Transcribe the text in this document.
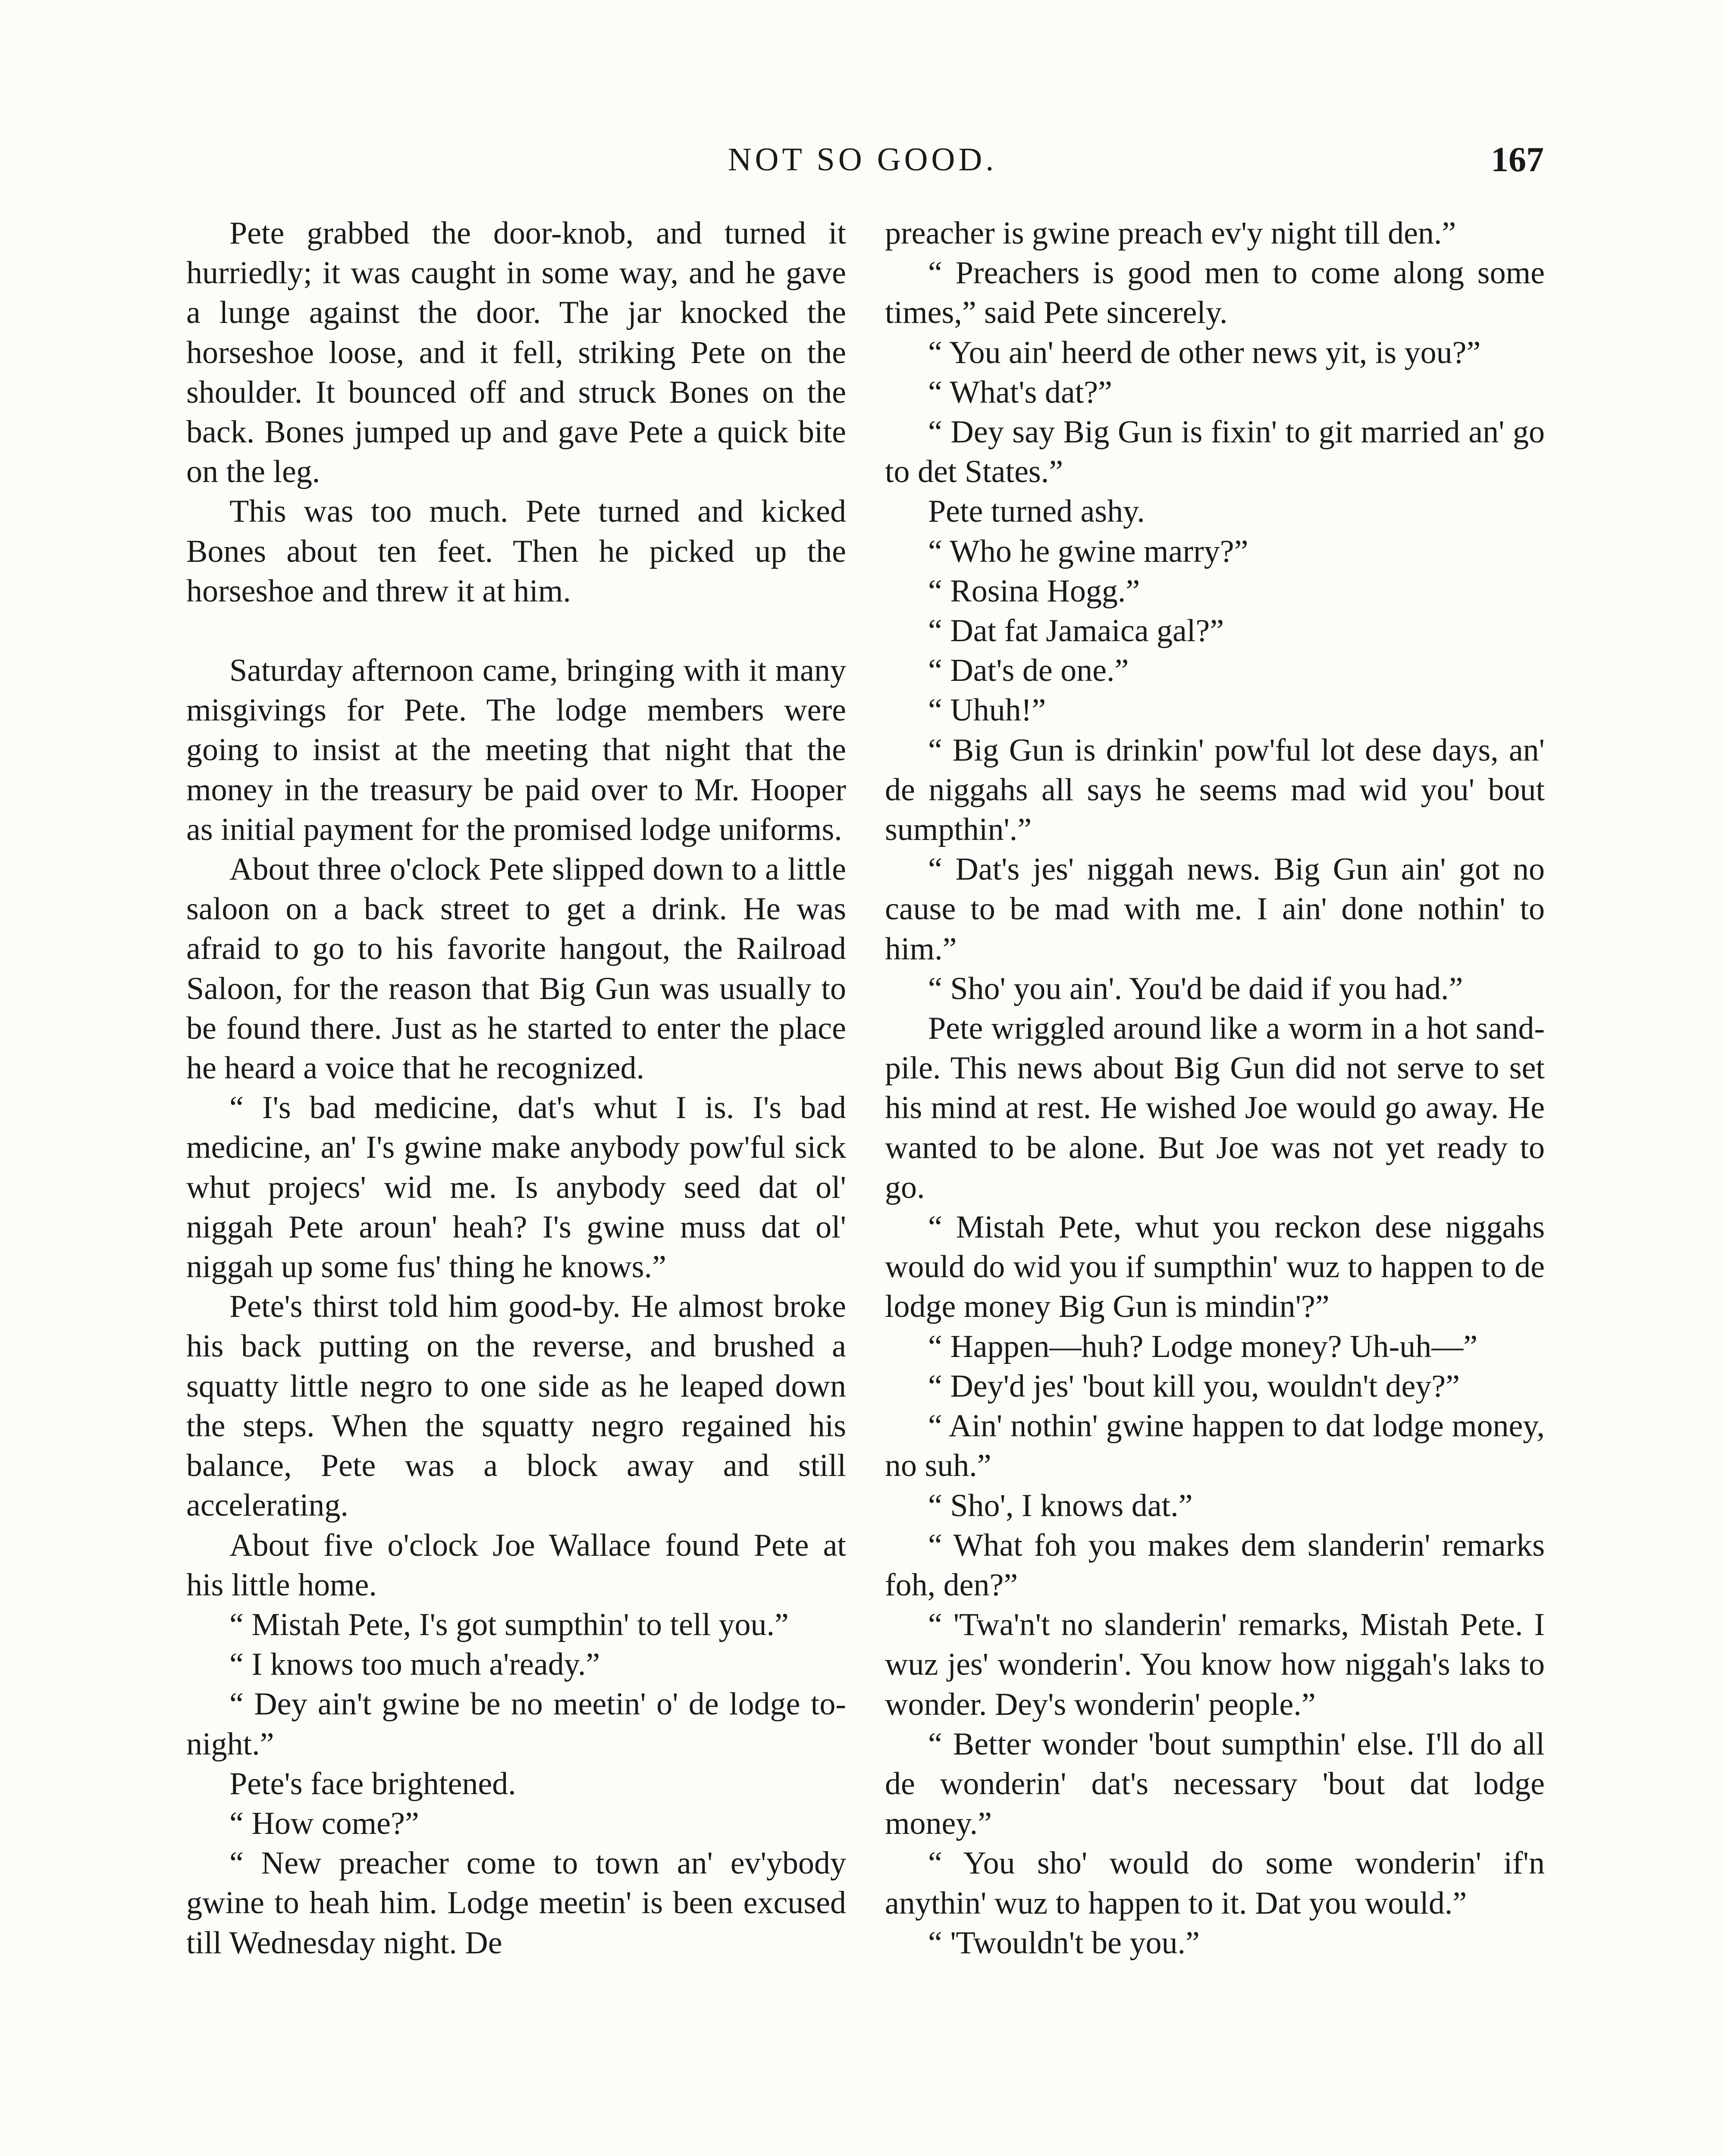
NOT SO GOOD.	167

Pete grabbed the door-knob, and turned it hurriedly; it was caught in some way, and he gave a lunge against the door. The jar knocked the horseshoe loose, and it fell, striking Pete on the shoulder. It bounced off and struck Bones on the back. Bones jumped up and gave Pete a quick bite on the leg.

This was too much. Pete turned and kicked Bones about ten feet. Then he picked up the horseshoe and threw it at him.

Saturday afternoon came, bringing with it many misgivings for Pete. The lodge members were going to insist at the meeting that night that the money in the treasury be paid over to Mr. Hooper as initial payment for the promised lodge uniforms.

About three o'clock Pete slipped down to a little saloon on a back street to get a drink. He was afraid to go to his favorite hangout, the Railroad Saloon, for the reason that Big Gun was usually to be found there. Just as he started to enter the place he heard a voice that he recognized.

“ I's bad medicine, dat's whut I is. I's bad medicine, an' I's gwine make anybody pow'ful sick whut projecs' wid me. Is anybody seed dat ol' niggah Pete aroun' heah? I's gwine muss dat ol' niggah up some fus' thing he knows.”

Pete's thirst told him good-by. He almost broke his back putting on the reverse, and brushed a squatty little negro to one side as he leaped down the steps. When the squatty negro regained his balance, Pete was a block away and still accelerating.

About five o'clock Joe Wallace found Pete at his little home.

“ Mistah Pete, I's got sumpthin' to tell you.”

“ I knows too much a'ready.”

“ Dey ain't gwine be no meetin' o' de lodge to-night.”

Pete's face brightened.

“ How come?”

“ New preacher come to town an' ev'ybody gwine to heah him. Lodge meetin' is been excused till Wednesday night. De

preacher is gwine preach ev'y night till den.”

“ Preachers is good men to come along some times,” said Pete sincerely.

“ You ain' heerd de other news yit, is you?”

“ What's dat?”

“ Dey say Big Gun is fixin' to git married an' go to det States.”

Pete turned ashy.

“ Who he gwine marry?”

“ Rosina Hogg.”

“ Dat fat Jamaica gal?”

“ Dat's de one.”

“ Uhuh!”

“ Big Gun is drinkin' pow'ful lot dese days, an' de niggahs all says he seems mad wid you' bout sumpthin'.”

“ Dat's jes' niggah news. Big Gun ain' got no cause to be mad with me. I ain' done nothin' to him.”

“ Sho' you ain'. You'd be daid if you had.”

Pete wriggled around like a worm in a hot sand-pile. This news about Big Gun did not serve to set his mind at rest. He wished Joe would go away. He wanted to be alone. But Joe was not yet ready to go.

“ Mistah Pete, whut you reckon dese niggahs would do wid you if sumpthin' wuz to happen to de lodge money Big Gun is mindin'?”

“ Happen—huh? Lodge money? Uh-uh—”

“ Dey'd jes' 'bout kill you, wouldn't dey?”

“ Ain' nothin' gwine happen to dat lodge money, no suh.”

“ Sho', I knows dat.”

“ What foh you makes dem slanderin' remarks foh, den?”

“ 'Twa'n't no slanderin' remarks, Mistah Pete. I wuz jes' wonderin'. You know how niggah's laks to wonder. Dey's wonderin' people.”

“ Better wonder 'bout sumpthin' else. I'll do all de wonderin' dat's necessary 'bout dat lodge money.”

“ You sho' would do some wonderin' if'n anythin' wuz to happen to it. Dat you would.”

“ 'Twouldn't be you.”
